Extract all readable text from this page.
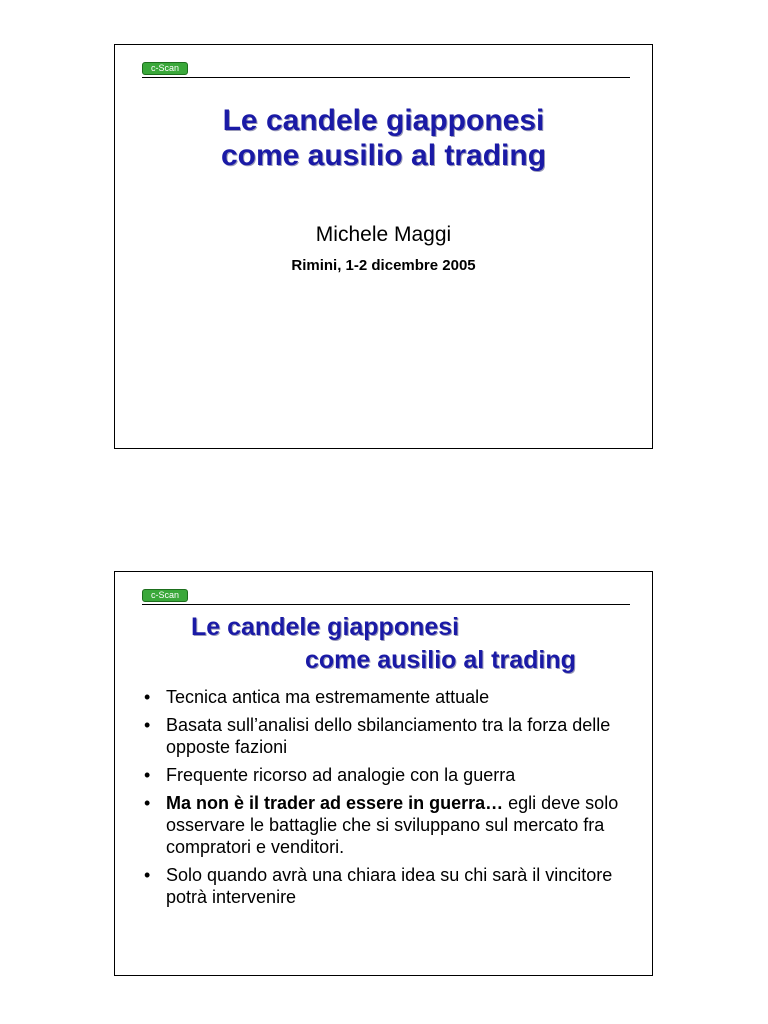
c-Scan
Le candele giapponesi
come ausilio al trading
Michele Maggi
Rimini, 1-2 dicembre 2005
c-Scan
Le candele giapponesi
come ausilio al trading
• Tecnica antica ma estremamente attuale
• Basata sull’analisi dello sbilanciamento tra la forza delle opposte fazioni
• Frequente ricorso ad analogie con la guerra
• Ma non è il trader ad essere in guerra… egli deve solo osservare le battaglie che si sviluppano sul mercato fra compratori e venditori.
• Solo quando avrà una chiara idea su chi sarà il vincitore potrà intervenire
